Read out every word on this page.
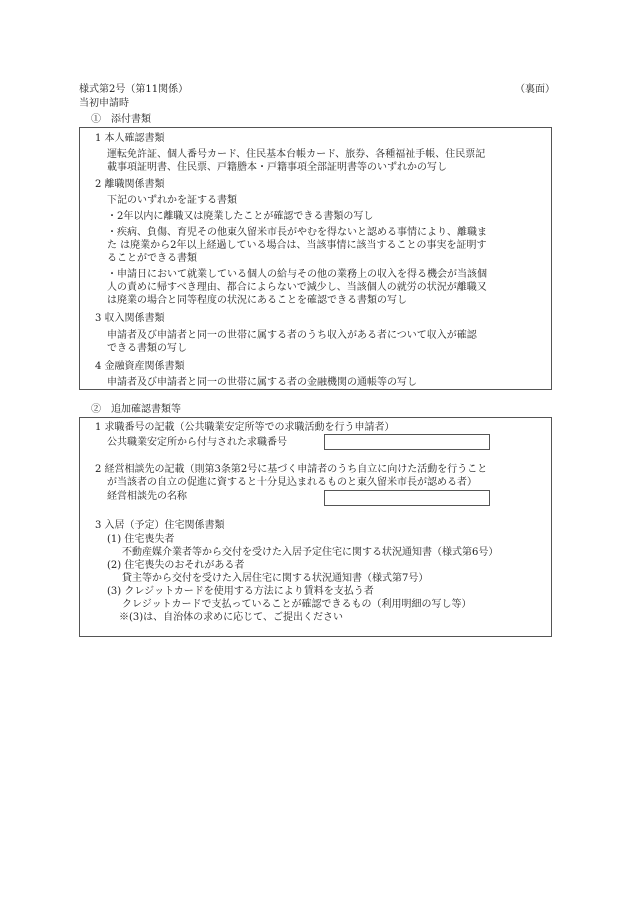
様式第2号（第11関係）	（裏面）
当初申請時
①　添付書類
1 本人確認書類
運転免許証、個人番号カード、住民基本台帳カード、旅券、各種福祉手帳、住民票記
載事項証明書、住民票、戸籍謄本・戸籍事項全部証明書等のいずれかの写し
2 離職関係書類
下記のいずれかを証する書類
・2年以内に離職又は廃業したことが確認できる書類の写し
・疾病、負傷、育児その他東久留米市長がやむを得ないと認める事情により、離職ま
た は廃業から2年以上経過している場合は、当該事情に該当することの事実を証明す
ることができる書類
・申請日において就業している個人の給与その他の業務上の収入を得る機会が当該個
人の責めに帰すべき理由、都合によらないで減少し、当該個人の就労の状況が離職又
は廃業の場合と同等程度の状況にあることを確認できる書類の写し
3 収入関係書類
申請者及び申請者と同一の世帯に属する者のうち収入がある者について収入が確認
できる書類の写し
4 金融資産関係書類
申請者及び申請者と同一の世帯に属する者の金融機関の通帳等の写し
②　追加確認書類等
1 求職番号の記載（公共職業安定所等での求職活動を行う申請者）
公共職業安定所から付与された求職番号
2 経営相談先の記載（則第3条第2号に基づく申請者のうち自立に向けた活動を行うこと
が当該者の自立の促進に資すると十分見込まれるものと東久留米市長が認める者）
経営相談先の名称
3 入居（予定）住宅関係書類
(1) 住宅喪失者
不動産媒介業者等から交付を受けた入居予定住宅に関する状況通知書（様式第6号）
(2) 住宅喪失のおそれがある者
貸主等から交付を受けた入居住宅に関する状況通知書（様式第7号）
(3) クレジットカードを使用する方法により賃料を支払う者
クレジットカードで支払っていることが確認できるもの（利用明細の写し等）
※(3)は、自治体の求めに応じて、ご提出ください
